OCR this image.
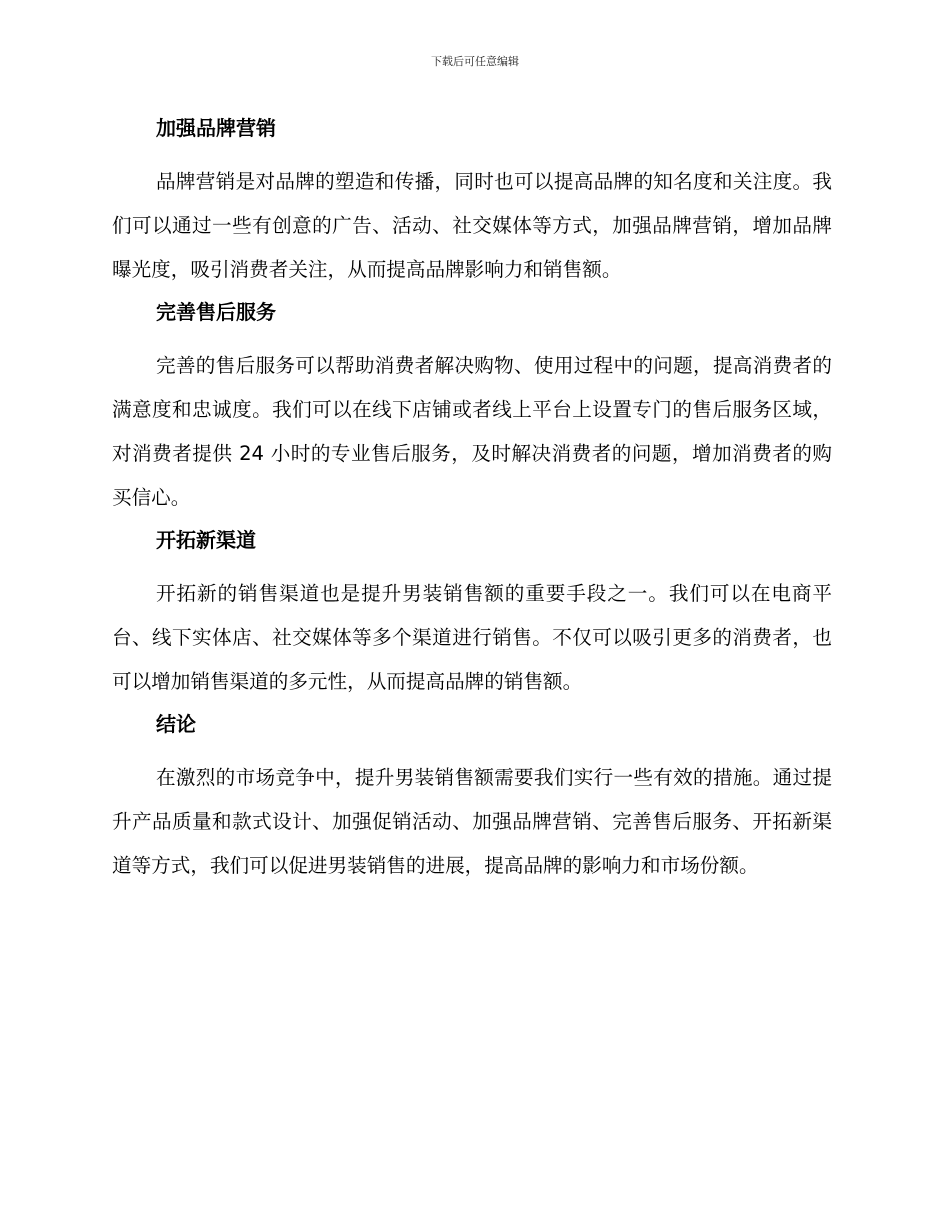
下载后可任意编辑
加强品牌营销

品牌营销是对品牌的塑造和传播，同时也可以提高品牌的知名度和关注度。我们可以通过一些有创意的广告、活动、社交媒体等方式，加强品牌营销，增加品牌曝光度，吸引消费者关注，从而提高品牌影响力和销售额。

完善售后服务

完善的售后服务可以帮助消费者解决购物、使用过程中的问题，提高消费者的满意度和忠诚度。我们可以在线下店铺或者线上平台上设置专门的售后服务区域，对消费者提供 24 小时的专业售后服务，及时解决消费者的问题，增加消费者的购买信心。

开拓新渠道

开拓新的销售渠道也是提升男装销售额的重要手段之一。我们可以在电商平台、线下实体店、社交媒体等多个渠道进行销售。不仅可以吸引更多的消费者，也可以增加销售渠道的多元性，从而提高品牌的销售额。

结论

在激烈的市场竞争中，提升男装销售额需要我们实行一些有效的措施。通过提升产品质量和款式设计、加强促销活动、加强品牌营销、完善售后服务、开拓新渠道等方式，我们可以促进男装销售的进展，提高品牌的影响力和市场份额。
